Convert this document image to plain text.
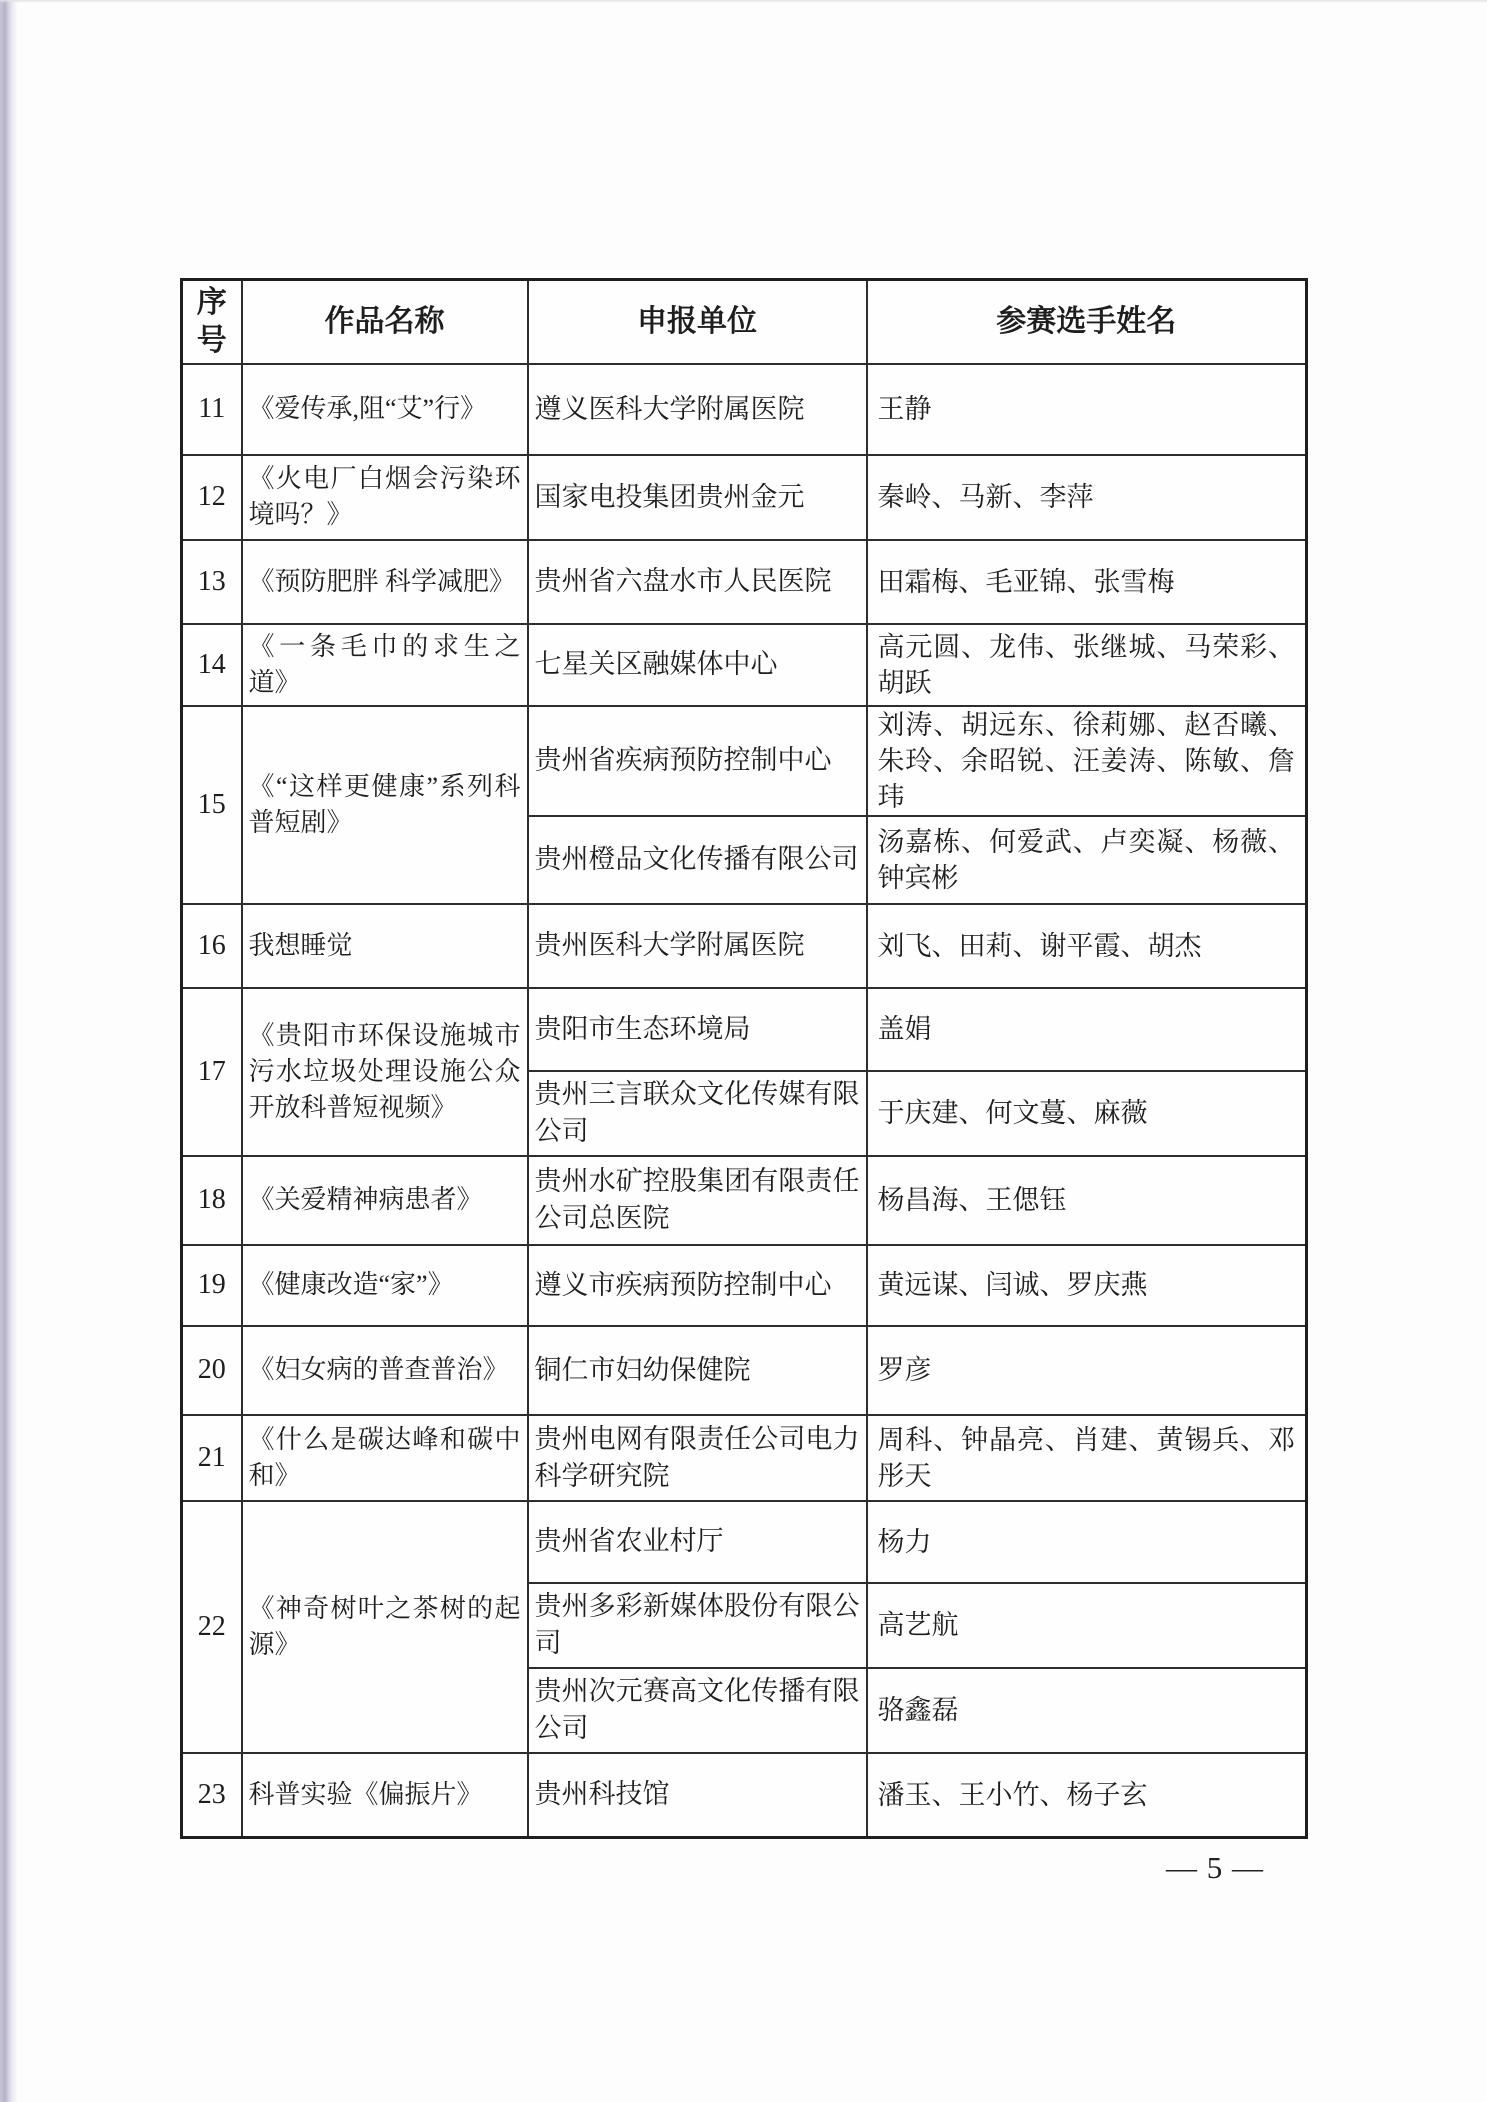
序号	作品名称	申报单位	参赛选手姓名
11	《爱传承,阻“艾”行》	遵义医科大学附属医院	王静
12	《火电厂白烟会污染环境吗？》	国家电投集团贵州金元	秦岭、马新、李萍
13	《预防肥胖 科学减肥》	贵州省六盘水市人民医院	田霜梅、毛亚锦、张雪梅
14	《一条毛巾的求生之道》	七星关区融媒体中心	高元圆、龙伟、张继城、马荣彩、胡跃
15	《“这样更健康”系列科普短剧》	贵州省疾病预防控制中心	刘涛、胡远东、徐莉娜、赵否曦、朱玲、余昭锐、汪姜涛、陈敏、詹玮
		贵州橙品文化传播有限公司	汤嘉栋、何爱武、卢奕凝、杨薇、钟宾彬
16	我想睡觉	贵州医科大学附属医院	刘飞、田莉、谢平霞、胡杰
17	《贵阳市环保设施城市污水垃圾处理设施公众开放科普短视频》	贵阳市生态环境局	盖娟
		贵州三言联众文化传媒有限公司	于庆建、何文蔓、麻薇
18	《关爱精神病患者》	贵州水矿控股集团有限责任公司总医院	杨昌海、王偲钰
19	《健康改造“家”》	遵义市疾病预防控制中心	黄远谋、闫诚、罗庆燕
20	《妇女病的普查普治》	铜仁市妇幼保健院	罗彦
21	《什么是碳达峰和碳中和》	贵州电网有限责任公司电力科学研究院	周科、钟晶亮、肖建、黄锡兵、邓彤天
22	《神奇树叶之茶树的起源》	贵州省农业村厅	杨力
		贵州多彩新媒体股份有限公司	高艺航
		贵州次元赛高文化传播有限公司	骆鑫磊
23	科普实验《偏振片》	贵州科技馆	潘玉、王小竹、杨子玄
— 5 —
